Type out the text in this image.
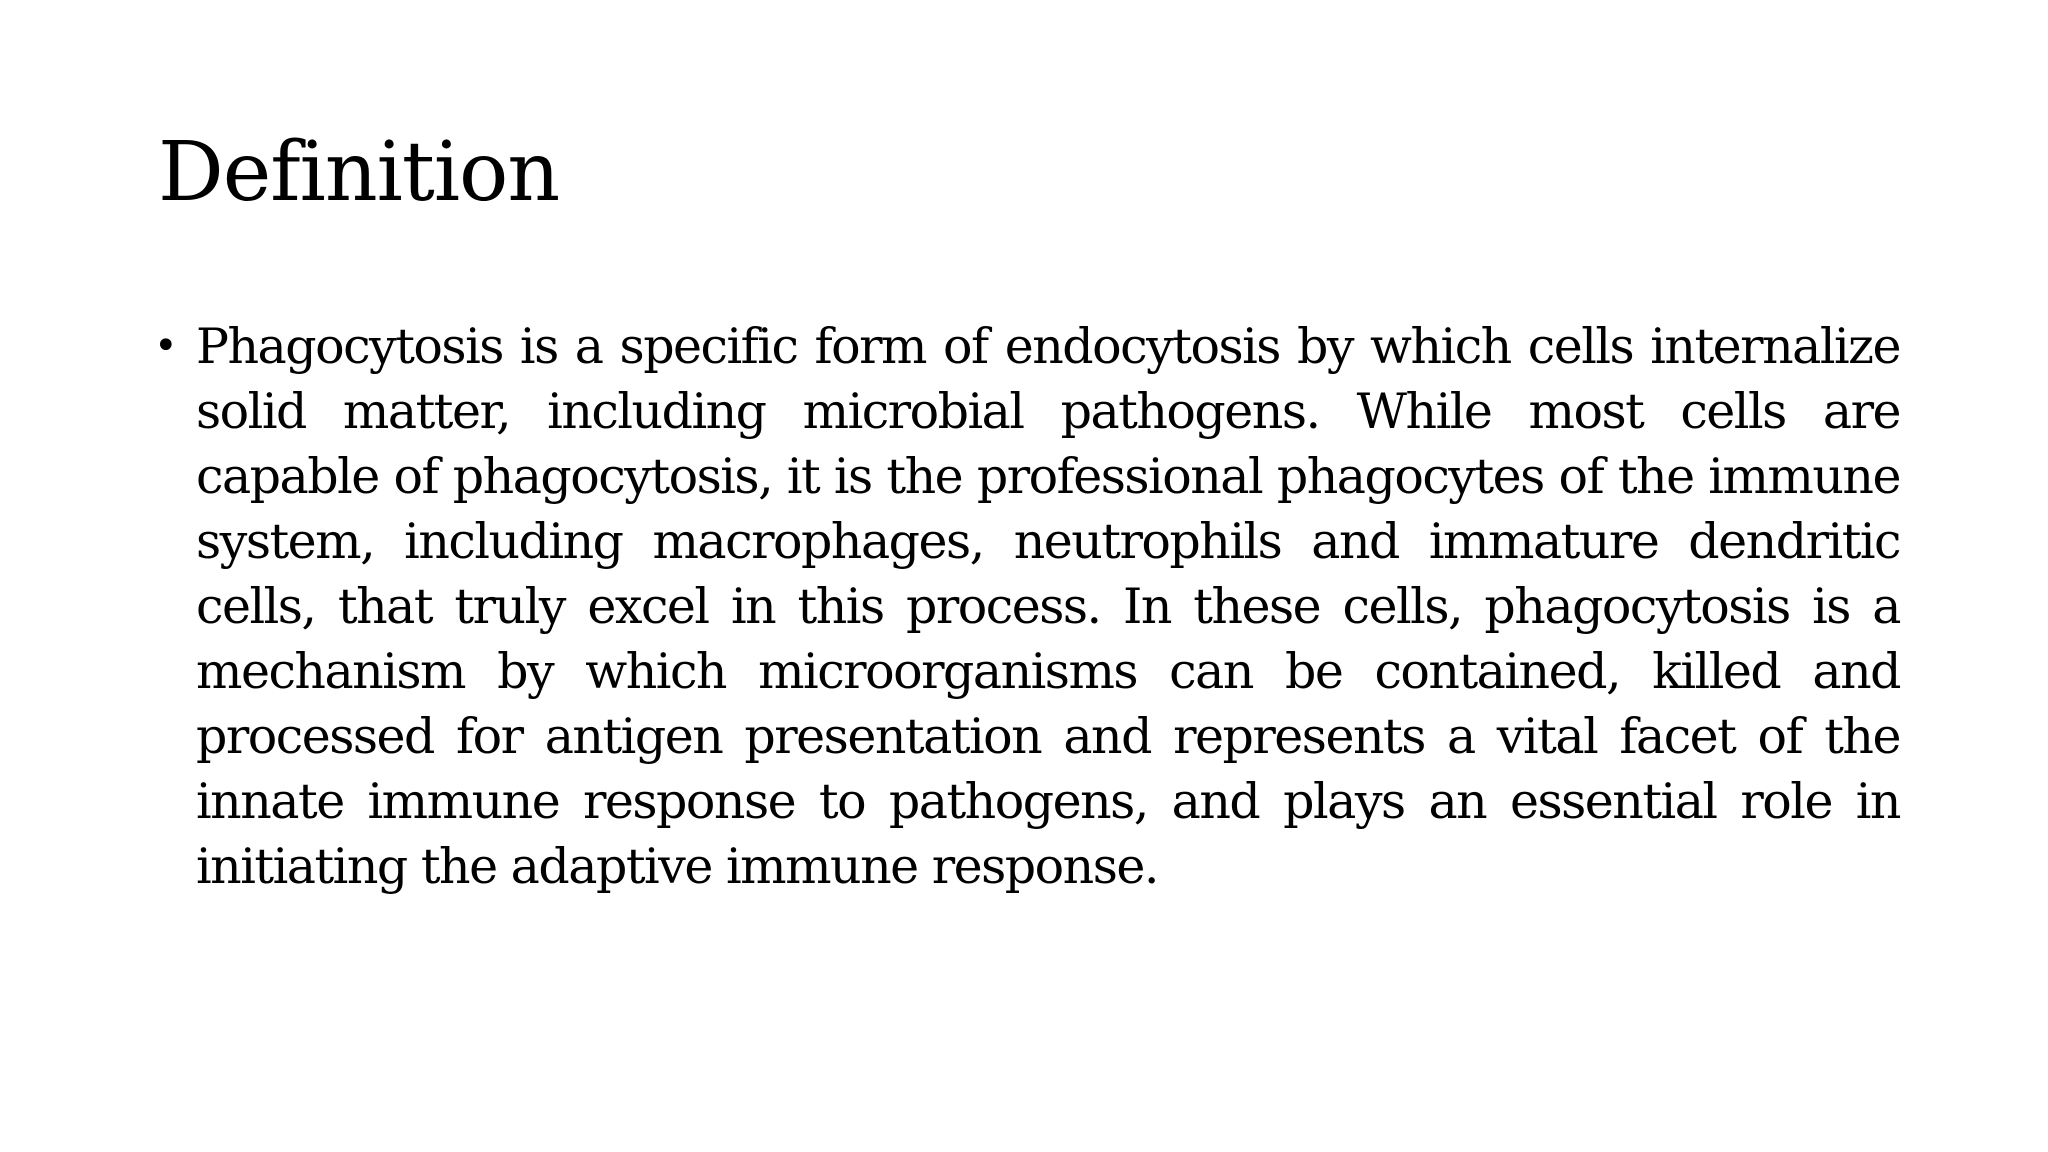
Definition
• Phagocytosis is a specific form of endocytosis by which cells internalize solid matter, including microbial pathogens. While most cells are capable of phagocytosis, it is the professional phagocytes of the immune system, including macrophages, neutrophils and immature dendritic cells, that truly excel in this process. In these cells, phagocytosis is a mechanism by which microorganisms can be contained, killed and processed for antigen presentation and represents a vital facet of the innate immune response to pathogens, and plays an essential role in initiating the adaptive immune response.
